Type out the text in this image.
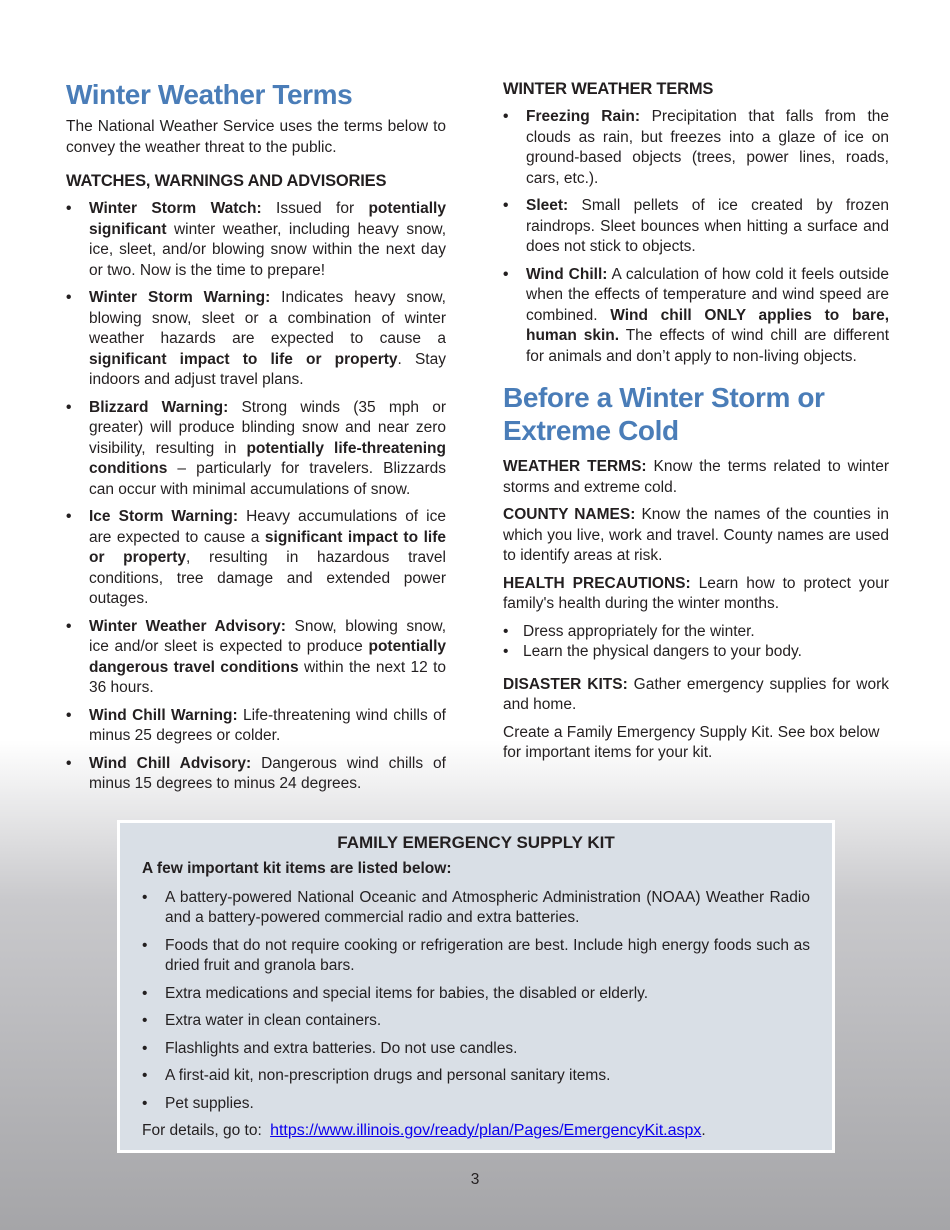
Winter Weather Terms

The National Weather Service uses the terms below to convey the weather threat to the public.

WATCHES, WARNINGS AND ADVISORIES
• Winter Storm Watch: Issued for potentially significant winter weather, including heavy snow, ice, sleet, and/or blowing snow within the next day or two. Now is the time to prepare!
• Winter Storm Warning: Indicates heavy snow, blowing snow, sleet or a combination of winter weather hazards are expected to cause a significant impact to life or property. Stay indoors and adjust travel plans.
• Blizzard Warning: Strong winds (35 mph or greater) will produce blinding snow and near zero visibility, resulting in potentially life-threatening conditions – particularly for travelers. Blizzards can occur with minimal accumulations of snow.
• Ice Storm Warning: Heavy accumulations of ice are expected to cause a significant impact to life or property, resulting in hazardous travel conditions, tree damage and extended power outages.
• Winter Weather Advisory: Snow, blowing snow, ice and/or sleet is expected to produce potentially dangerous travel conditions within the next 12 to 36 hours.
• Wind Chill Warning: Life-threatening wind chills of minus 25 degrees or colder.
• Wind Chill Advisory: Dangerous wind chills of minus 15 degrees to minus 24 degrees.
WINTER WEATHER TERMS
• Freezing Rain: Precipitation that falls from the clouds as rain, but freezes into a glaze of ice on ground-based objects (trees, power lines, roads, cars, etc.).
• Sleet: Small pellets of ice created by frozen raindrops. Sleet bounces when hitting a surface and does not stick to objects.
• Wind Chill: A calculation of how cold it feels outside when the effects of temperature and wind speed are combined. Wind chill ONLY applies to bare, human skin. The effects of wind chill are different for animals and don’t apply to non-living objects.
Before a Winter Storm or Extreme Cold

WEATHER TERMS: Know the terms related to winter storms and extreme cold.

COUNTY NAMES: Know the names of the counties in which you live, work and travel. County names are used to identify areas at risk.

HEALTH PRECAUTIONS: Learn how to protect your family's health during the winter months.

• Dress appropriately for the winter.
• Learn the physical dangers to your body.

DISASTER KITS: Gather emergency supplies for work and home.

Create a Family Emergency Supply Kit. See box below for important items for your kit.

FAMILY EMERGENCY SUPPLY KIT

A few important kit items are listed below:

• A battery-powered National Oceanic and Atmospheric Administration (NOAA) Weather Radio and a battery-powered commercial radio and extra batteries.
• Foods that do not require cooking or refrigeration are best. Include high energy foods such as dried fruit and granola bars.
• Extra medications and special items for babies, the disabled or elderly.
• Extra water in clean containers.
• Flashlights and extra batteries. Do not use candles.
• A first-aid kit, non-prescription drugs and personal sanitary items.
• Pet supplies.
For details, go to: https://www.illinois.gov/ready/plan/Pages/EmergencyKit.aspx.
3
